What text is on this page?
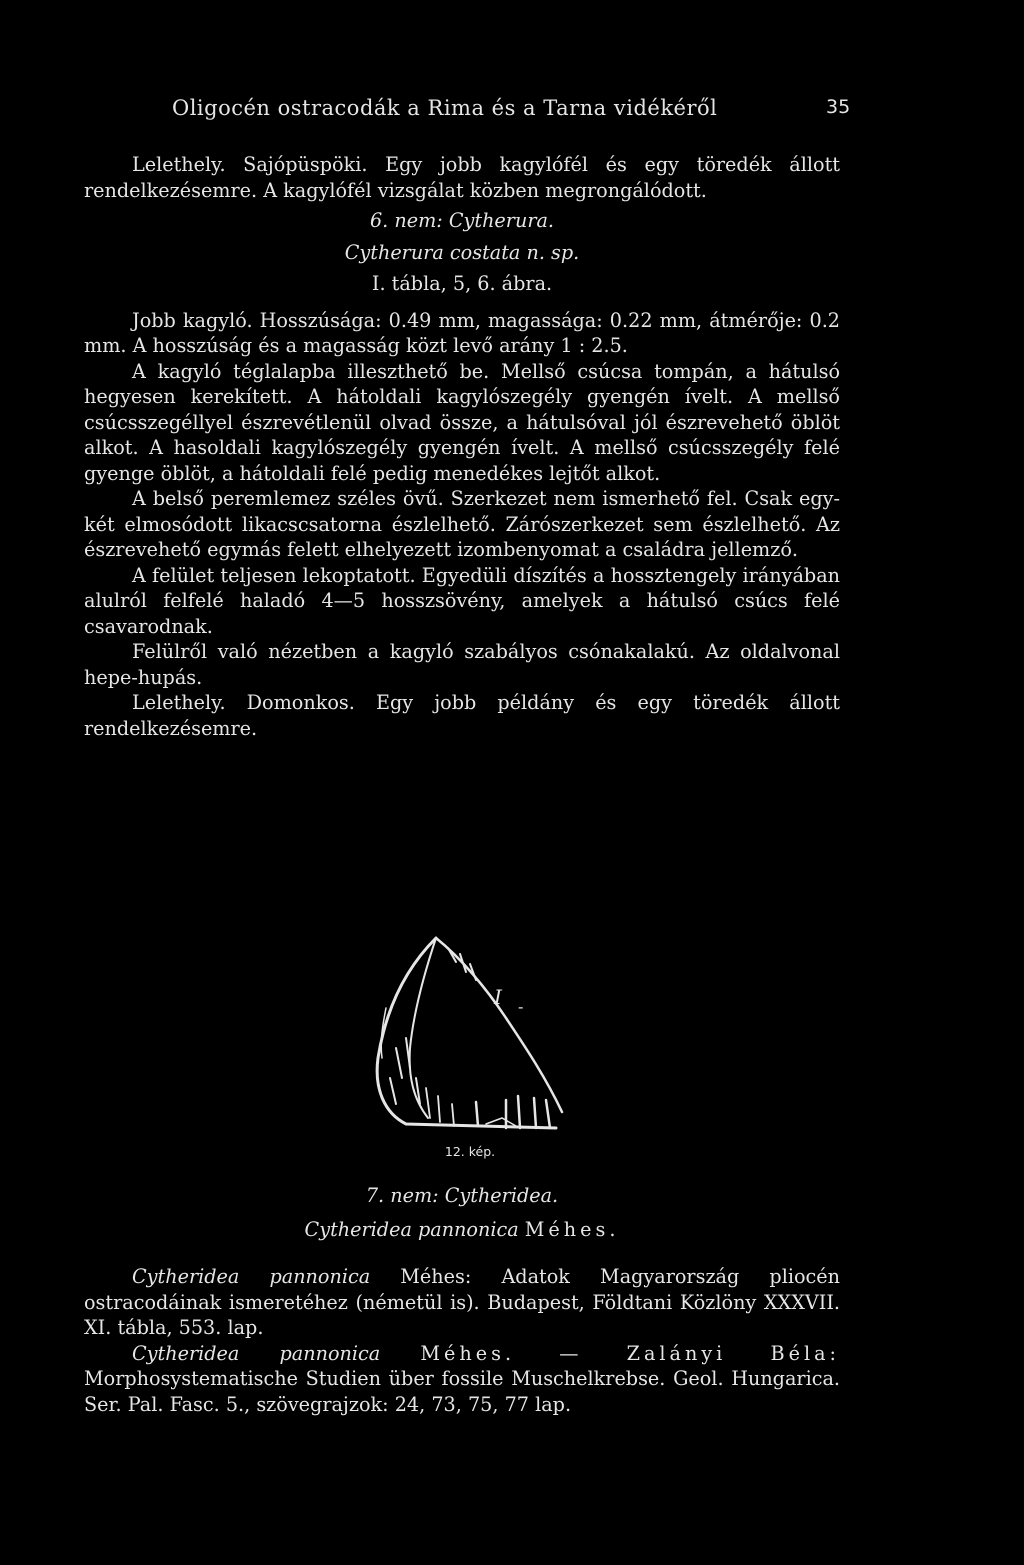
Oligocén ostracodák a Rima és a Tarna vidékéről	35

Lelethely. Sajópüspöki. Egy jobb kagylófél és egy töredék állott rendelkezésemre. A kagylófél vizsgálat közben megrongálódott.

6. nem: Cytherura.

Cytherura costata n. sp.

I. tábla, 5, 6. ábra.

Jobb kagyló. Hosszúsága: 0.49 mm, magassága: 0.22 mm, átmérője: 0.2 mm. A hosszúság és a magasság közt levő arány 1 : 2.5.

A kagyló téglalapba illeszthető be. Mellső csúcsa tompán, a hátulsó hegyesen kerekített. A hátoldali kagylószegély gyengén ívelt. A mellső csúcsszegéllyel észrevétlenül olvad össze, a hátulsóval jól észrevehető öblöt alkot. A hasoldali kagylószegély gyengén ívelt. A mellső csúcsszegély felé gyenge öblöt, a hátoldali felé pedig menedékes lejtőt alkot.

A belső peremlemez széles övű. Szerkezet nem ismerhető fel. Csak egy-két elmosódott likacscsatorna észlelhető. Zárószerkezet sem észlelhető. Az észrevehető egymás felett elhelyezett izombenyomat a családra jellemző.

A felület teljesen lekoptatott. Egyedüli díszítés a hossztengely irányában alulról felfelé haladó 4—5 hosszsövény, amelyek a hátulsó csúcs felé csavarodnak.

Felülről való nézetben a kagyló szabályos csónakalakú. Az oldalvonal hepe-hupás.

Lelethely. Domonkos. Egy jobb példány és egy töredék állott rendelkezésemre.

I -
12. kép.

7. nem: Cytheridea.

Cytheridea pannonica Méhes.

Cytheridea pannonica Méhes: Adatok Magyarország pliocén ostracodáinak ismeretéhez (németül is). Budapest, Földtani Közlöny XXXVII. XI. tábla, 553. lap.

Cytheridea pannonica Méhes. — Zalányi Béla: Morphosystematische Studien über fossile Muschelkrebse. Geol. Hungarica. Ser. Pal. Fasc. 5., szövegrajzok: 24, 73, 75, 77 lap.
